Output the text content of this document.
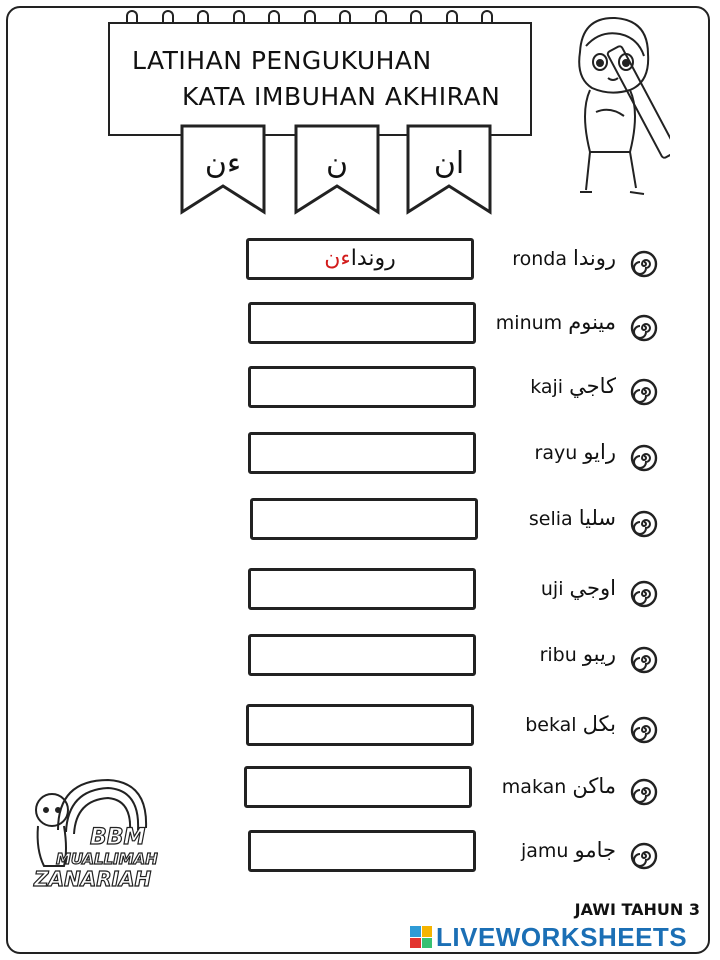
LATIHAN PENGUKUHAN
KATA IMBUHAN AKHIRAN
ءن	ن	ان
رونداءن	ronda روندا
minum مينوم
kaji كاجي
rayu رايو
selia سليا
uji اوجي
ribu ريبو
bekal بكل
makan ماكن
jamu جامو
BBM
MUALLIMAH
ZANARIAH
JAWI TAHUN 3
LIVEWORKSHEETS
